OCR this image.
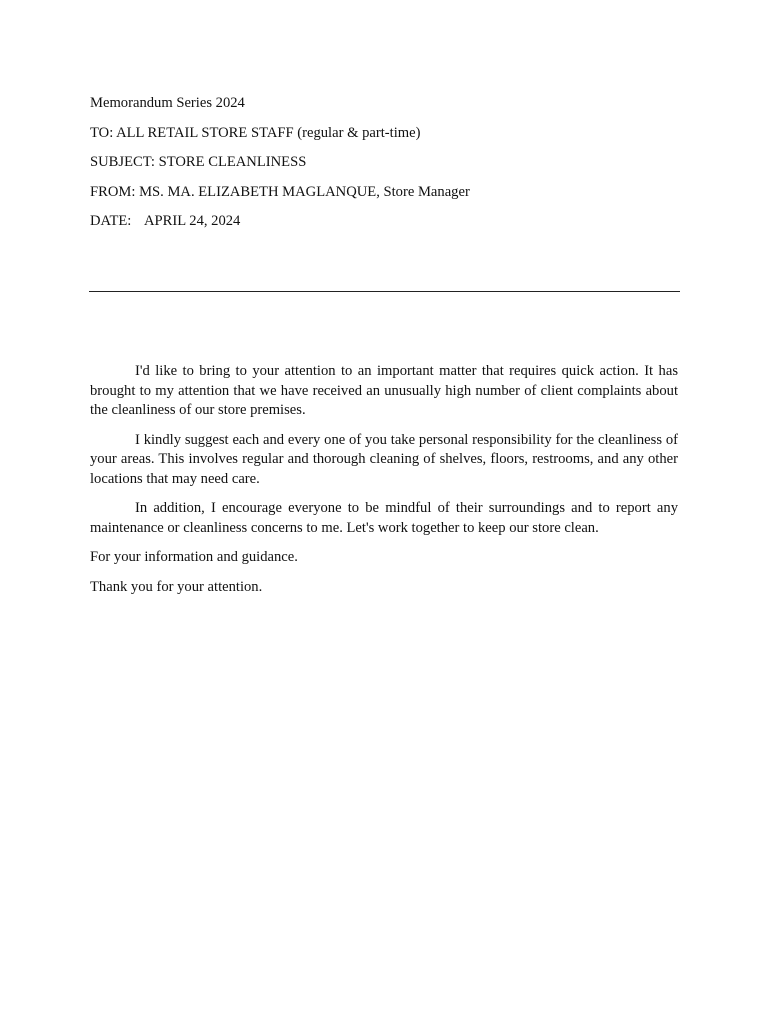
Memorandum Series 2024
TO: ALL RETAIL STORE STAFF (regular & part-time)
SUBJECT: STORE CLEANLINESS
FROM: MS. MA. ELIZABETH MAGLANQUE, Store Manager
DATE: APRIL 24, 2024

I'd like to bring to your attention to an important matter that requires quick action. It has brought to my attention that we have received an unusually high number of client complaints about the cleanliness of our store premises.

I kindly suggest each and every one of you take personal responsibility for the cleanliness of your areas. This involves regular and thorough cleaning of shelves, floors, restrooms, and any other locations that may need care.

In addition, I encourage everyone to be mindful of their surroundings and to report any maintenance or cleanliness concerns to me. Let's work together to keep our store clean.

For your information and guidance.

Thank you for your attention.
